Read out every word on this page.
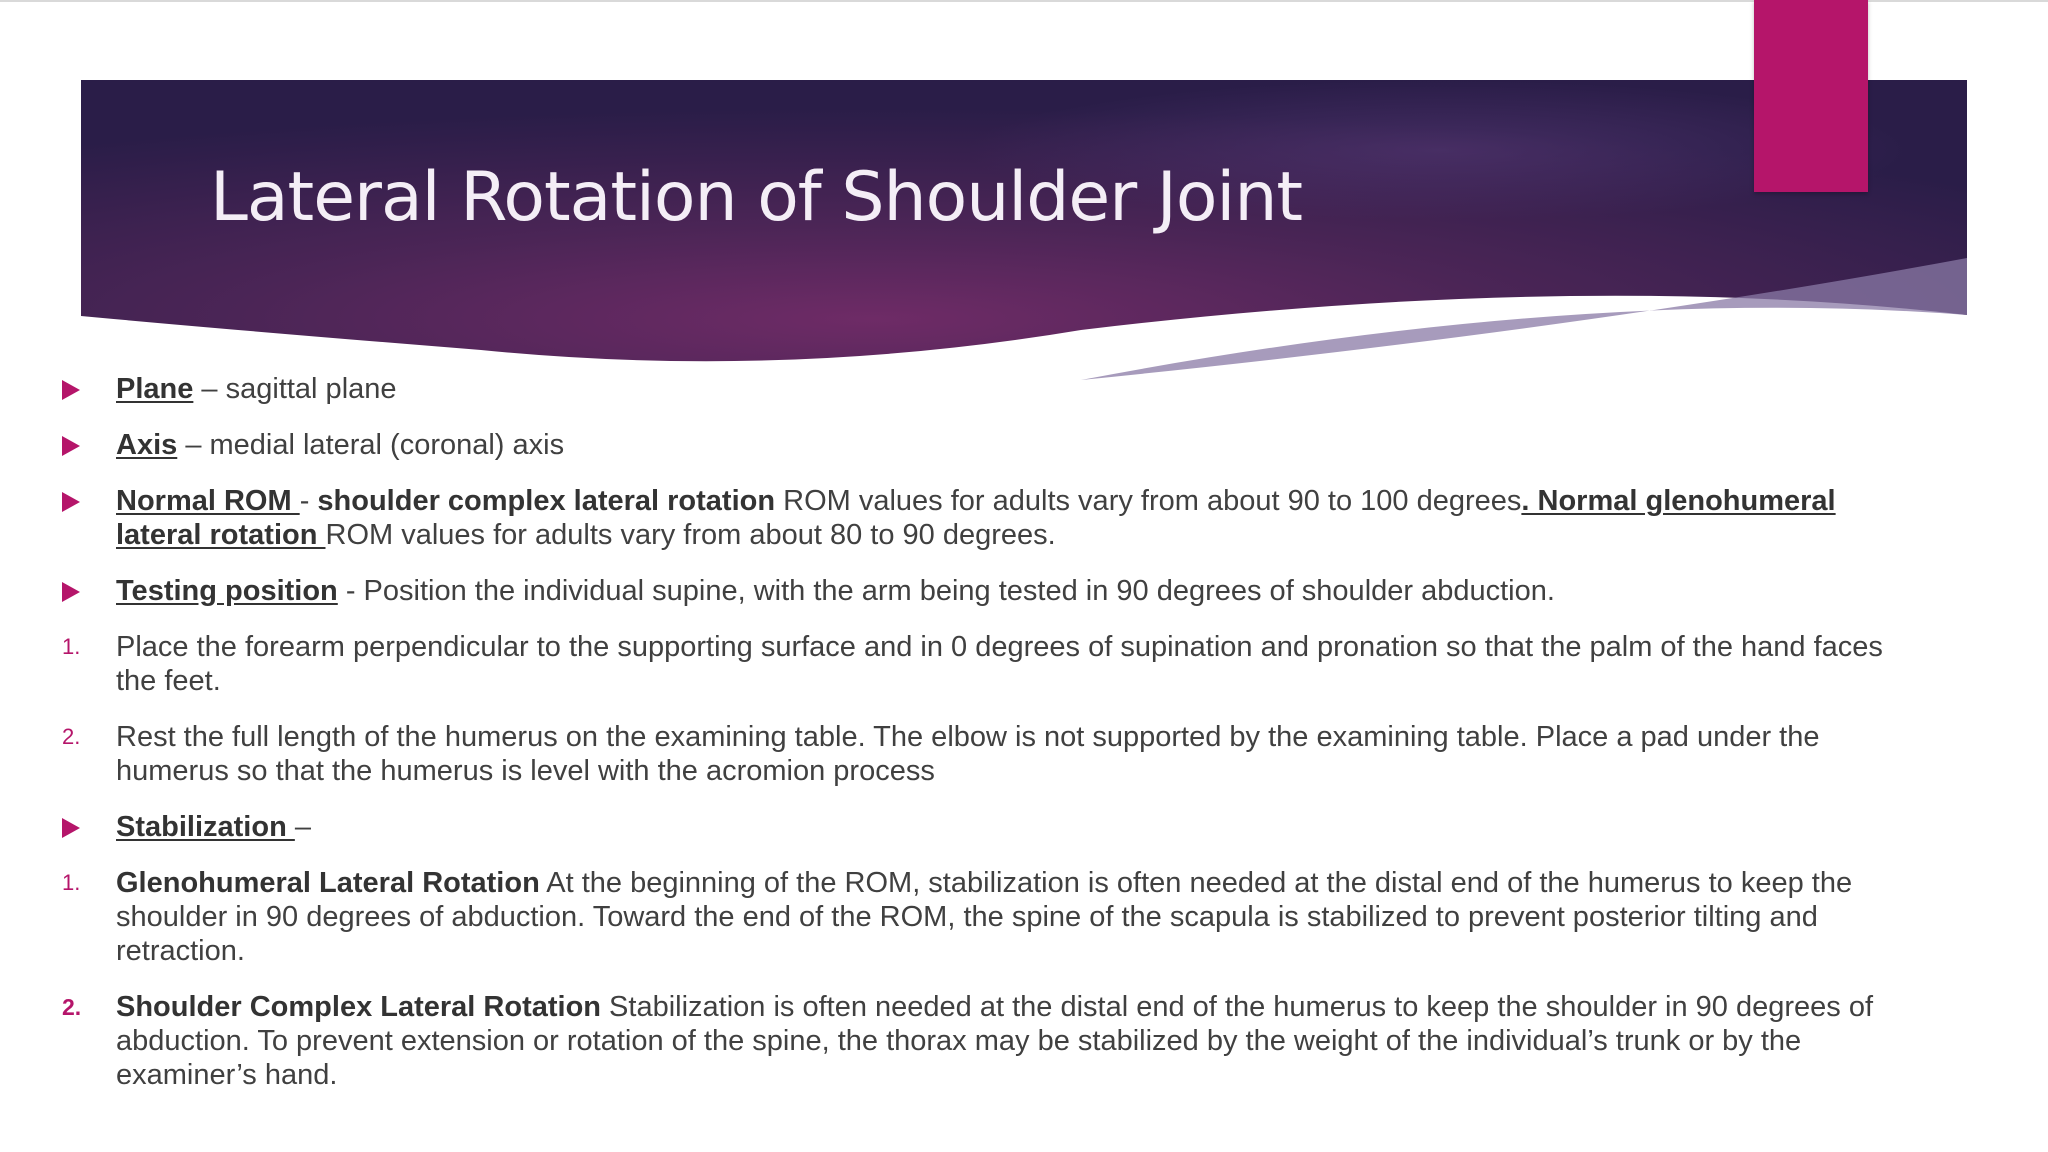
Lateral Rotation of Shoulder Joint
Plane – sagittal plane
Axis – medial lateral (coronal) axis
Normal ROM - shoulder complex lateral rotation ROM values for adults vary from about 90 to 100 degrees. Normal glenohumeral lateral rotation ROM values for adults vary from about 80 to 90 degrees.
Testing position - Position the individual supine, with the arm being tested in 90 degrees of shoulder abduction.
1.	Place the forearm perpendicular to the supporting surface and in 0 degrees of supination and pronation so that the palm of the hand faces the feet.
2.	Rest the full length of the humerus on the examining table. The elbow is not supported by the examining table. Place a pad under the humerus so that the humerus is level with the acromion process
Stabilization –
1.	Glenohumeral Lateral Rotation At the beginning of the ROM, stabilization is often needed at the distal end of the humerus to keep the shoulder in 90 degrees of abduction. Toward the end of the ROM, the spine of the scapula is stabilized to prevent posterior tilting and retraction.
2.	Shoulder Complex Lateral Rotation Stabilization is often needed at the distal end of the humerus to keep the shoulder in 90 degrees of abduction. To prevent extension or rotation of the spine, the thorax may be stabilized by the weight of the individual’s trunk or by the examiner’s hand.
